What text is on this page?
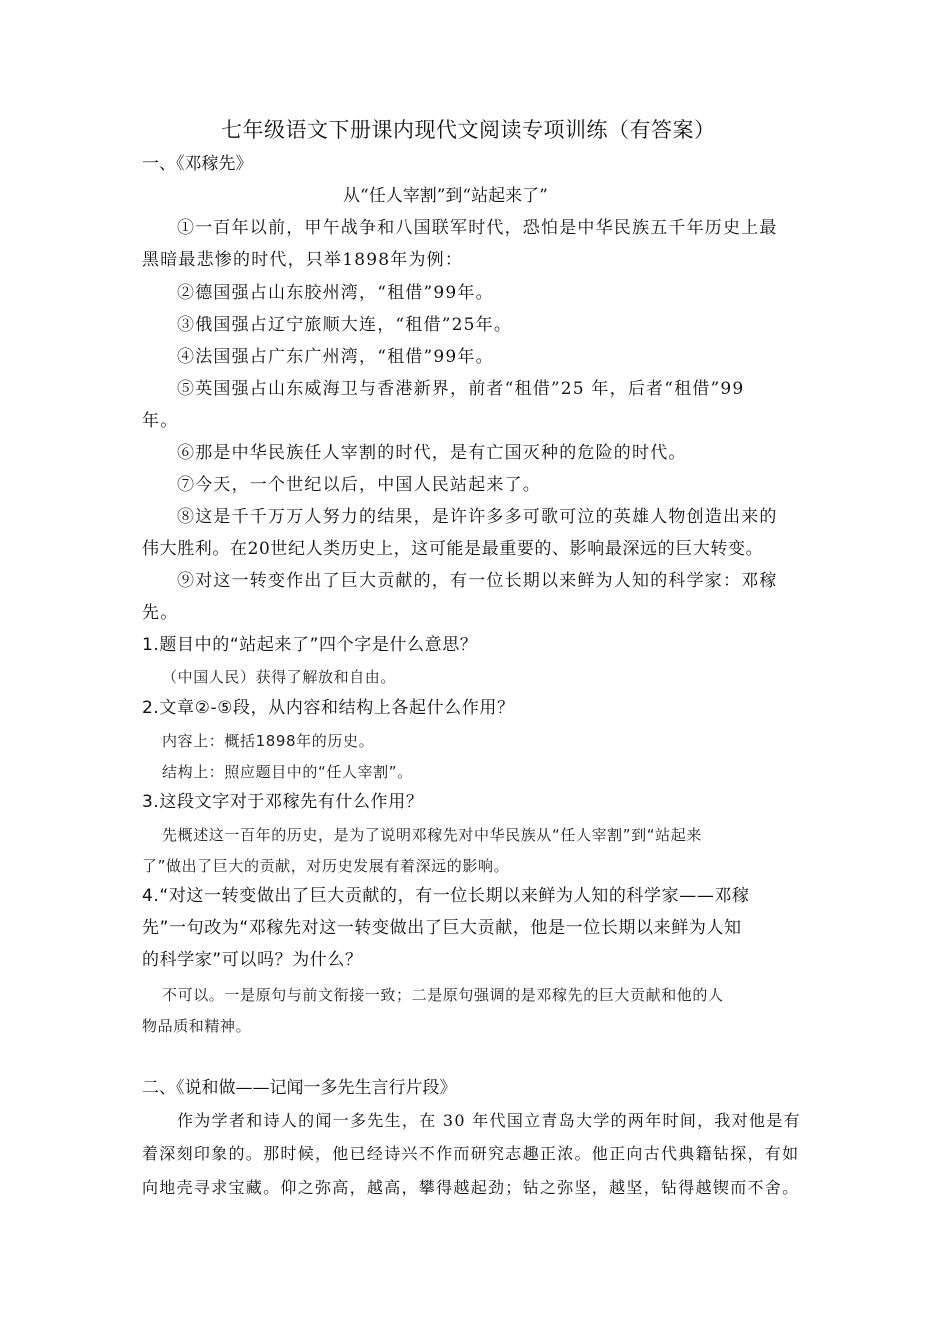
七年级语文下册课内现代文阅读专项训练（有答案）
一、《邓稼先》
从“任人宰割”到“站起来了”
①一百年以前，甲午战争和八国联军时代，恐怕是中华民族五千年历史上最
黑暗最悲惨的时代，只举1898年为例：
②德国强占山东胶州湾，“租借”99年。
③俄国强占辽宁旅顺大连，“租借”25年。
④法国强占广东广州湾，“租借”99年。
⑤英国强占山东威海卫与香港新界，前者“租借”25 年，后者“租借”99
年。
⑥那是中华民族任人宰割的时代，是有亡国灭种的危险的时代。
⑦今天，一个世纪以后，中国人民站起来了。
⑧这是千千万万人努力的结果，是许许多多可歌可泣的英雄人物创造出来的
伟大胜利。在20世纪人类历史上，这可能是最重要的、影响最深远的巨大转变。
⑨对这一转变作出了巨大贡献的，有一位长期以来鲜为人知的科学家：邓稼
先。
1.题目中的“站起来了”四个字是什么意思？
（中国人民）获得了解放和自由。
2.文章②-⑤段，从内容和结构上各起什么作用？
内容上：概括1898年的历史。
结构上：照应题目中的“任人宰割”。
3.这段文字对于邓稼先有什么作用？
先概述这一百年的历史，是为了说明邓稼先对中华民族从“任人宰割”到“站起来
了”做出了巨大的贡献，对历史发展有着深远的影响。
4.“对这一转变做出了巨大贡献的，有一位长期以来鲜为人知的科学家——邓稼
先”一句改为“邓稼先对这一转变做出了巨大贡献，他是一位长期以来鲜为人知
的科学家”可以吗？为什么？
不可以。一是原句与前文衔接一致；二是原句强调的是邓稼先的巨大贡献和他的人
物品质和精神。
二、《说和做——记闻一多先生言行片段》
作为学者和诗人的闻一多先生，在 30 年代国立青岛大学的两年时间，我对他是有
着深刻印象的。那时候，他已经诗兴不作而研究志趣正浓。他正向古代典籍钻探，有如
向地壳寻求宝藏。仰之弥高，越高，攀得越起劲；钻之弥坚，越坚，钻得越锲而不舍。
